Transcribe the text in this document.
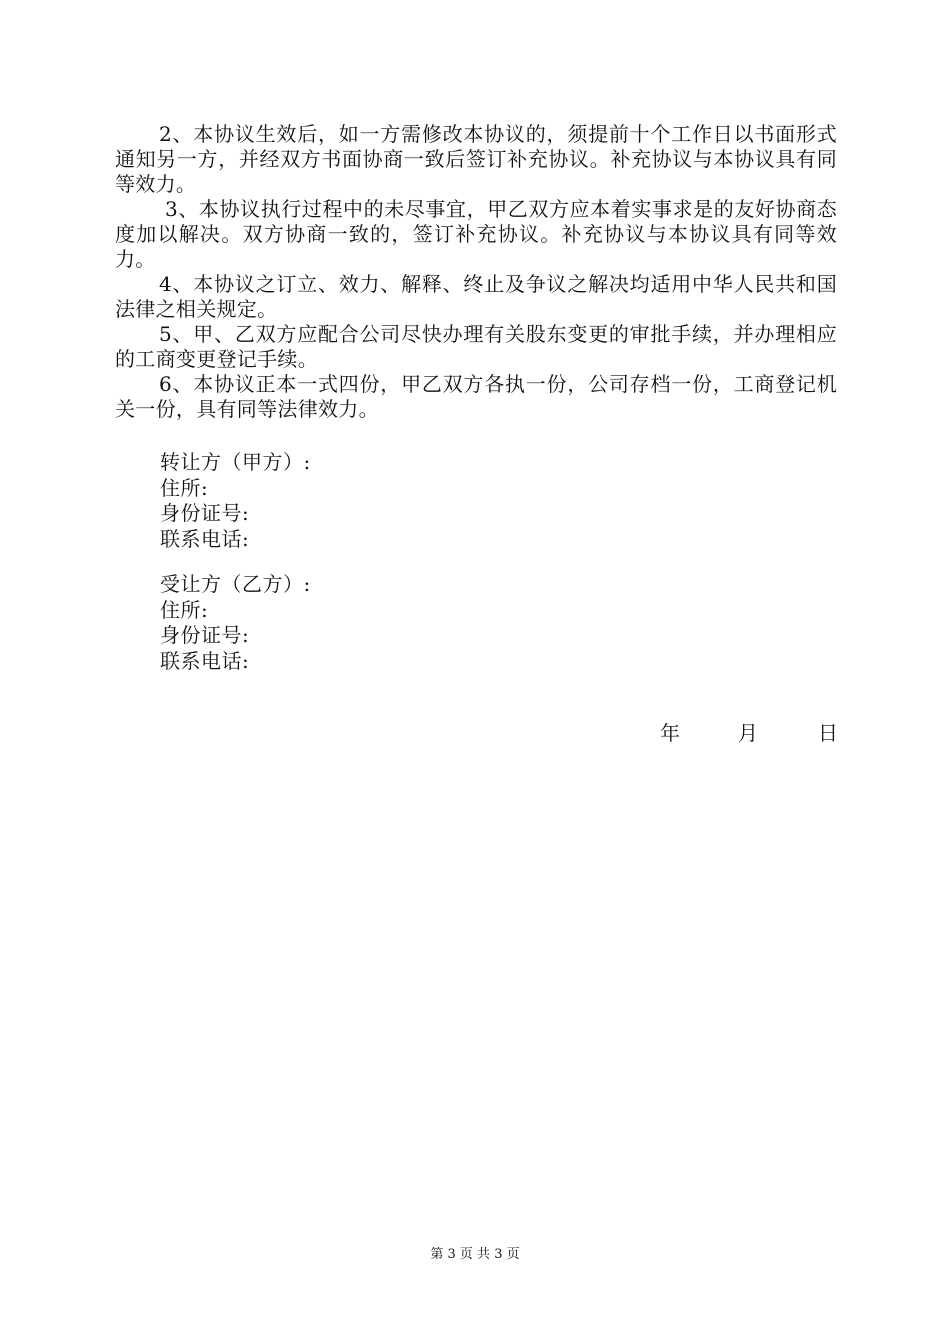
2、本协议生效后，如一方需修改本协议的，须提前十个工作日以书面形式通知另一方，并经双方书面协商一致后签订补充协议。补充协议与本协议具有同等效力。

3、本协议执行过程中的未尽事宜，甲乙双方应本着实事求是的友好协商态度加以解决。双方协商一致的，签订补充协议。补充协议与本协议具有同等效力。

4、本协议之订立、效力、解释、终止及争议之解决均适用中华人民共和国法律之相关规定。

5、甲、乙双方应配合公司尽快办理有关股东变更的审批手续，并办理相应的工商变更登记手续。

6、本协议正本一式四份，甲乙双方各执一份，公司存档一份，工商登记机关一份，具有同等法律效力。

转让方（甲方）:
住所:
身份证号:
联系电话:
受让方（乙方）:
住所:
身份证号:
联系电话:
年	月	日
第 3 页 共 3 页
